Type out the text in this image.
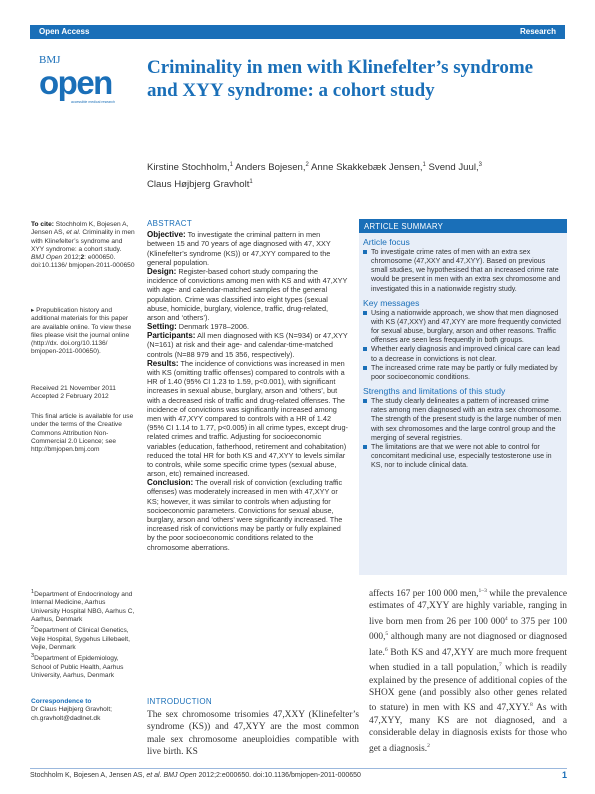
Open Access	Research
BMJ
open
accessible medical research
Criminality in men with Klinefelter’s syndrome and XYY syndrome: a cohort study
Kirstine Stochholm,$^1$ Anders Bojesen,$^2$ Anne Skakkebæk Jensen,$^1$ Svend Juul,$^3$
Claus Højbjerg Gravholt$^1$
To cite: Stochholm K, Bojesen A, Jensen AS, et al. Criminality in men with Klinefelter’s syndrome and XYY syndrome: a cohort study. BMJ Open 2012;2: e000650. doi:10.1136/ bmjopen-2011-000650
▸ Prepublication history and additional materials for this paper are available online. To view these files please visit the journal online (http://dx. doi.org/10.1136/ bmjopen-2011-000650).
Received 21 November 2011
Accepted 2 February 2012
This final article is available for use under the terms of the Creative Commons Attribution Non-Commercial 2.0 Licence; see http://bmjopen.bmj.com
$^1$Department of Endocrinology and Internal Medicine, Aarhus University Hospital NBG, Aarhus C, Aarhus, Denmark
$^2$Department of Clinical Genetics, Vejle Hospital, Sygehus Lillebaelt, Vejle, Denmark
$^3$Department of Epidemiology, School of Public Health, Aarhus University, Aarhus, Denmark
Correspondence to
Dr Claus Højbjerg Gravholt; ch.gravholt@dadlnet.dk
ABSTRACT

Objective: To investigate the criminal pattern in men between 15 and 70 years of age diagnosed with 47, XXY (Klinefelter’s syndrome (KS)) or 47,XYY compared to the general population.

Design: Register-based cohort study comparing the incidence of convictions among men with KS and with 47,XYY with age- and calendar-matched samples of the general population. Crime was classified into eight types (sexual abuse, homicide, burglary, violence, traffic, drug-related, arson and ‘others’).

Setting: Denmark 1978–2006.

Participants: All men diagnosed with KS (N=934) or 47,XYY (N=161) at risk and their age- and calendar-time-matched controls (N=88 979 and 15 356, respectively).

Results: The incidence of convictions was increased in men with KS (omitting traffic offenses) compared to controls with a HR of 1.40 (95% CI 1.23 to 1.59, p<0.001), with significant increases in sexual abuse, burglary, arson and ‘others’, but with a decreased risk of traffic and drug-related offenses. The incidence of convictions was significantly increased among men with 47,XYY compared to controls with a HR of 1.42 (95% CI 1.14 to 1.77, p<0.005) in all crime types, except drug-related crimes and traffic. Adjusting for socioeconomic variables (education, fatherhood, retirement and cohabitation) reduced the total HR for both KS and 47,XYY to levels similar to controls, while some specific crime types (sexual abuse, arson, etc) remained increased.

Conclusion: The overall risk of conviction (excluding traffic offenses) was moderately increased in men with 47,XYY or KS; however, it was similar to controls when adjusting for socioeconomic parameters. Convictions for sexual abuse, burglary, arson and ‘others’ were significantly increased. The increased risk of convictions may be partly or fully explained by the poor socioeconomic conditions related to the chromosome aberrations.

ARTICLE SUMMARY
Article focus
To investigate crime rates of men with an extra sex chromosome (47,XXY and 47,XYY). Based on previous small studies, we hypothesised that an increased crime rate would be present in men with an extra sex chromosome and investigated this in a nationwide registry study.
Key messages
Using a nationwide approach, we show that men diagnosed with KS (47,XXY) and 47,XYY are more frequently convicted for sexual abuse, burglary, arson and other reasons. Traffic offenses are seen less frequently in both groups.
Whether early diagnosis and improved clinical care can lead to a decrease in convictions is not clear.
The increased crime rate may be partly or fully mediated by poor socioeconomic conditions.
Strengths and limitations of this study
The study clearly delineates a pattern of increased crime rates among men diagnosed with an extra sex chromosome. The strength of the present study is the large number of men with sex chromosomes and the large control group and the merging of several registries.
The limitations are that we were not able to control for concomitant medicinal use, especially testosterone use in KS, nor to include clinical data.
INTRODUCTION
The sex chromosome trisomies 47,XXY (Klinefelter’s syndrome (KS)) and 47,XYY are the most common male sex chromosome aneuploidies compatible with live birth. KS
affects 167 per 100 000 men,$^{1-3}$ while the prevalence estimates of 47,XYY are highly variable, ranging in live born men from 26 per 100 $000^4$ to 375 per 100 000,$^5$ although many are not diagnosed or diagnosed late.$^6$ Both KS and 47,XYY are much more frequent when studied in a tall population,$^7$ which is readily explained by the presence of additional copies of the SHOX gene (and possibly also other genes related to stature) in men with KS and 47,XYY.$^8$ As with 47,XYY, many KS are not diagnosed, and a considerable delay in diagnosis exists for those who get a diagnosis.$^2$
Stochholm K, Bojesen A, Jensen AS, et al. BMJ Open 2012;2:e000650. doi:10.1136/bmjopen-2011-000650	1
